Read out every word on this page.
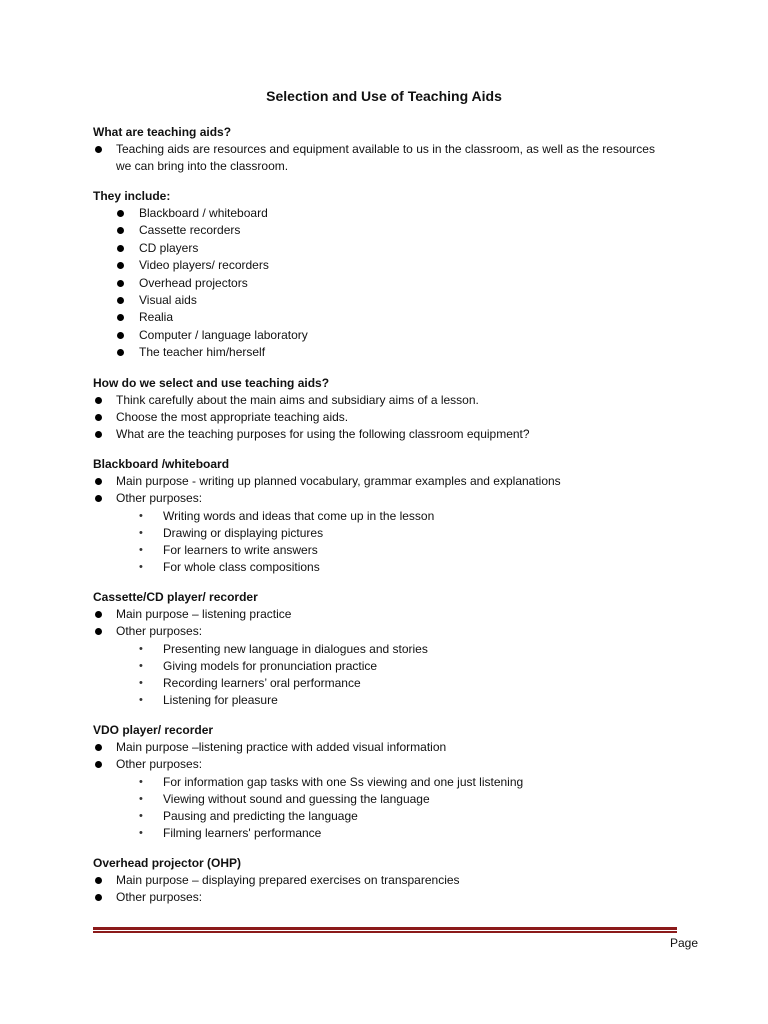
Selection and Use of Teaching Aids
What are teaching aids?
Teaching aids are resources and equipment available to us in the classroom, as well as the resources we can bring into the classroom.
They include:
Blackboard / whiteboard
Cassette recorders
CD players
Video players/ recorders
Overhead projectors
Visual aids
Realia
Computer / language laboratory
The teacher him/herself
How do we select and use teaching aids?
Think carefully about the main aims and subsidiary aims of a lesson.
Choose the most appropriate teaching aids.
What are the teaching purposes for using the following classroom equipment?
Blackboard /whiteboard
Main purpose - writing up planned vocabulary, grammar examples and explanations
Other purposes:
• Writing words and ideas that come up in the lesson
• Drawing or displaying pictures
• For learners to write answers
• For whole class compositions
Cassette/CD player/ recorder
Main purpose – listening practice
Other purposes:
• Presenting new language in dialogues and stories
• Giving models for pronunciation practice
• Recording learners’ oral performance
• Listening for pleasure
VDO player/ recorder
Main purpose –listening practice with added visual information
Other purposes:
• For information gap tasks with one Ss viewing and one just listening
• Viewing without sound and guessing the language
• Pausing and predicting the language
• Filming learners' performance
Overhead projector (OHP)
Main purpose – displaying prepared exercises on transparencies
Other purposes:
Page
